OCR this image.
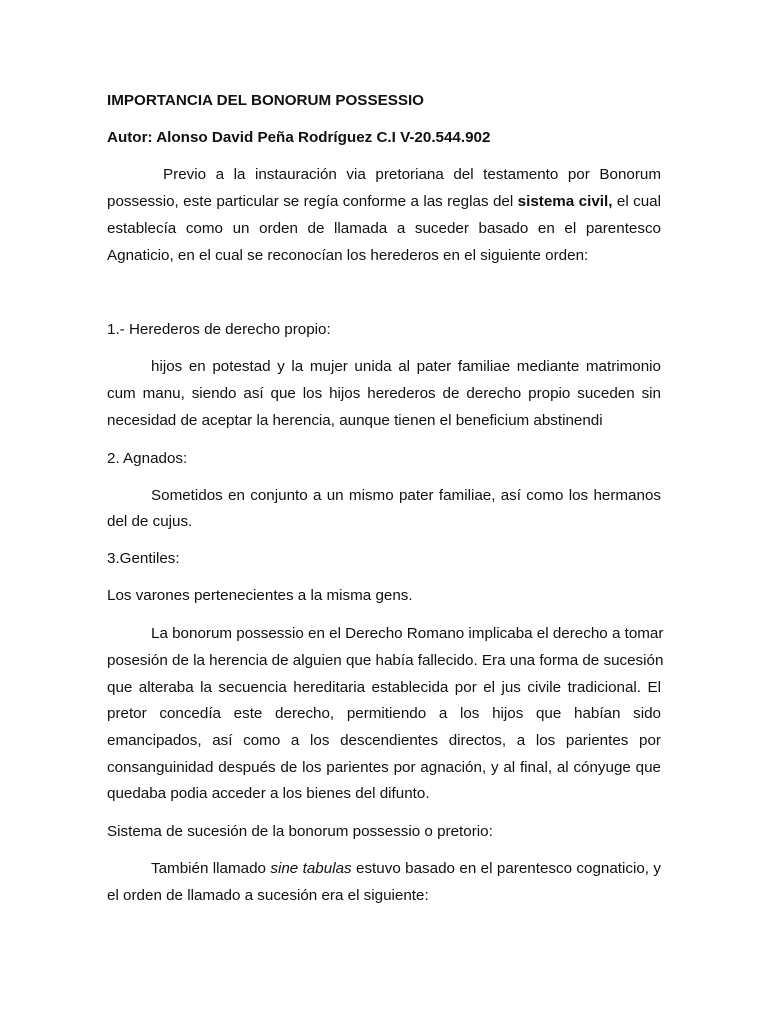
IMPORTANCIA DEL BONORUM POSSESSIO
Autor: Alonso David Peña Rodríguez C.I V-20.544.902
Previo a la instauración via pretoriana del testamento por Bonorum
possessio, este particular se regía conforme a las reglas del sistema civil, el cual
establecía como un orden de llamada a suceder basado en el parentesco
Agnaticio, en el cual se reconocían los herederos en el siguiente orden:
1.- Herederos de derecho propio:
hijos en potestad y la mujer unida al pater familiae mediante matrimonio
cum manu, siendo así que los hijos herederos de derecho propio suceden sin
necesidad de aceptar la herencia, aunque tienen el beneficium abstinendi
2. Agnados:
Sometidos en conjunto a un mismo pater familiae, así como los hermanos
del de cujus.
3.Gentiles:
Los varones pertenecientes a la misma gens.
La bonorum possessio en el Derecho Romano implicaba el derecho a tomar
posesión de la herencia de alguien que había fallecido. Era una forma de sucesión
que alteraba la secuencia hereditaria establecida por el jus civile tradicional. El
pretor concedía este derecho, permitiendo a los hijos que habían sido
emancipados, así como a los descendientes directos, a los parientes por
consanguinidad después de los parientes por agnación, y al final, al cónyuge que
quedaba podia acceder a los bienes del difunto.
Sistema de sucesión de la bonorum possessio o pretorio:
También llamado sine tabulas estuvo basado en el parentesco cognaticio, y
el orden de llamado a sucesión era el siguiente:
